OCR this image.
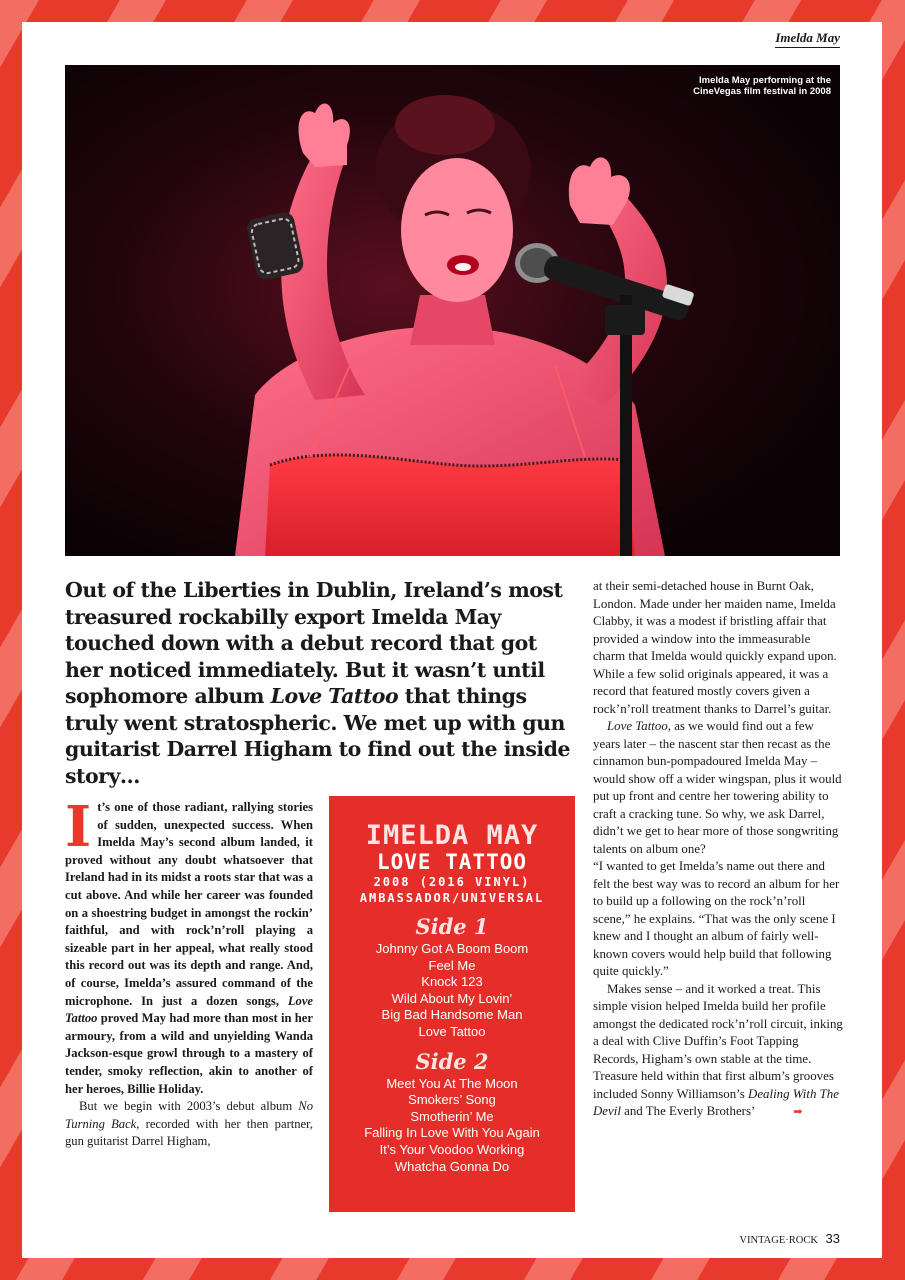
Imelda May
Imelda May performing at the CineVegas film festival in 2008
©GETTY
Out of the Liberties in Dublin, Ireland’s most treasured rockabilly export Imelda May touched down with a debut record that got her noticed immediately. But it wasn’t until sophomore album Love Tattoo that things truly went stratospheric. We met up with gun guitarist Darrel Higham to find out the inside story…

I t’s one of those radiant, rallying stories of sudden, unexpected success. When Imelda May’s second album landed, it proved without any doubt whatsoever that Ireland had in its midst a roots star that was a cut above. And while her career was founded on a shoestring budget in amongst the rockin’ faithful, and with rock’n’roll playing a sizeable part in her appeal, what really stood this record out was its depth and range. And, of course, Imelda’s assured command of the microphone. In just a dozen songs, Love Tattoo proved May had more than most in her armoury, from a wild and unyielding Wanda Jackson-esque growl through to a mastery of tender, smoky reflection, akin to another of her heroes, Billie Holiday.
But we begin with 2003’s debut album No Turning Back, recorded with her then partner, gun guitarist Darrel Higham,

IMELDA MAY
LOVE TATTOO
2008 (2016 VINYL)
AMBASSADOR/UNIVERSAL
Side 1
Johnny Got A Boom Boom
Feel Me
Knock 123
Wild About My Lovin’
Big Bad Handsome Man
Love Tattoo
Side 2
Meet You At The Moon
Smokers’ Song
Smotherin’ Me
Falling In Love With You Again
It’s Your Voodoo Working
Whatcha Gonna Do

at their semi-detached house in Burnt Oak, London. Made under her maiden name, Imelda Clabby, it was a modest if bristling affair that provided a window into the immeasurable charm that Imelda would quickly expand upon. While a few solid originals appeared, it was a record that featured mostly covers given a rock’n’roll treatment thanks to Darrel’s guitar.

Love Tattoo, as we would find out a few years later – the nascent star then recast as the cinnamon bun-pompadoured Imelda May – would show off a wider wingspan, plus it would put up front and centre her towering ability to craft a cracking tune. So why, we ask Darrel, didn’t we get to hear more of those songwriting talents on album one?

“I wanted to get Imelda’s name out there and felt the best way was to record an album for her to build up a following on the rock’n’roll scene,” he explains. “That was the only scene I knew and I thought an album of fairly well-known covers would help build that following quite quickly.”

Makes sense – and it worked a treat. This simple vision helped Imelda build her profile amongst the dedicated rock’n’roll circuit, inking a deal with Clive Duffin’s Foot Tapping Records, Higham’s own stable at the time. Treasure held within that first album’s grooves included Sonny Williamson’s Dealing With The Devil and The Everly Brothers’	➡

VINTAGE·ROCK 33
